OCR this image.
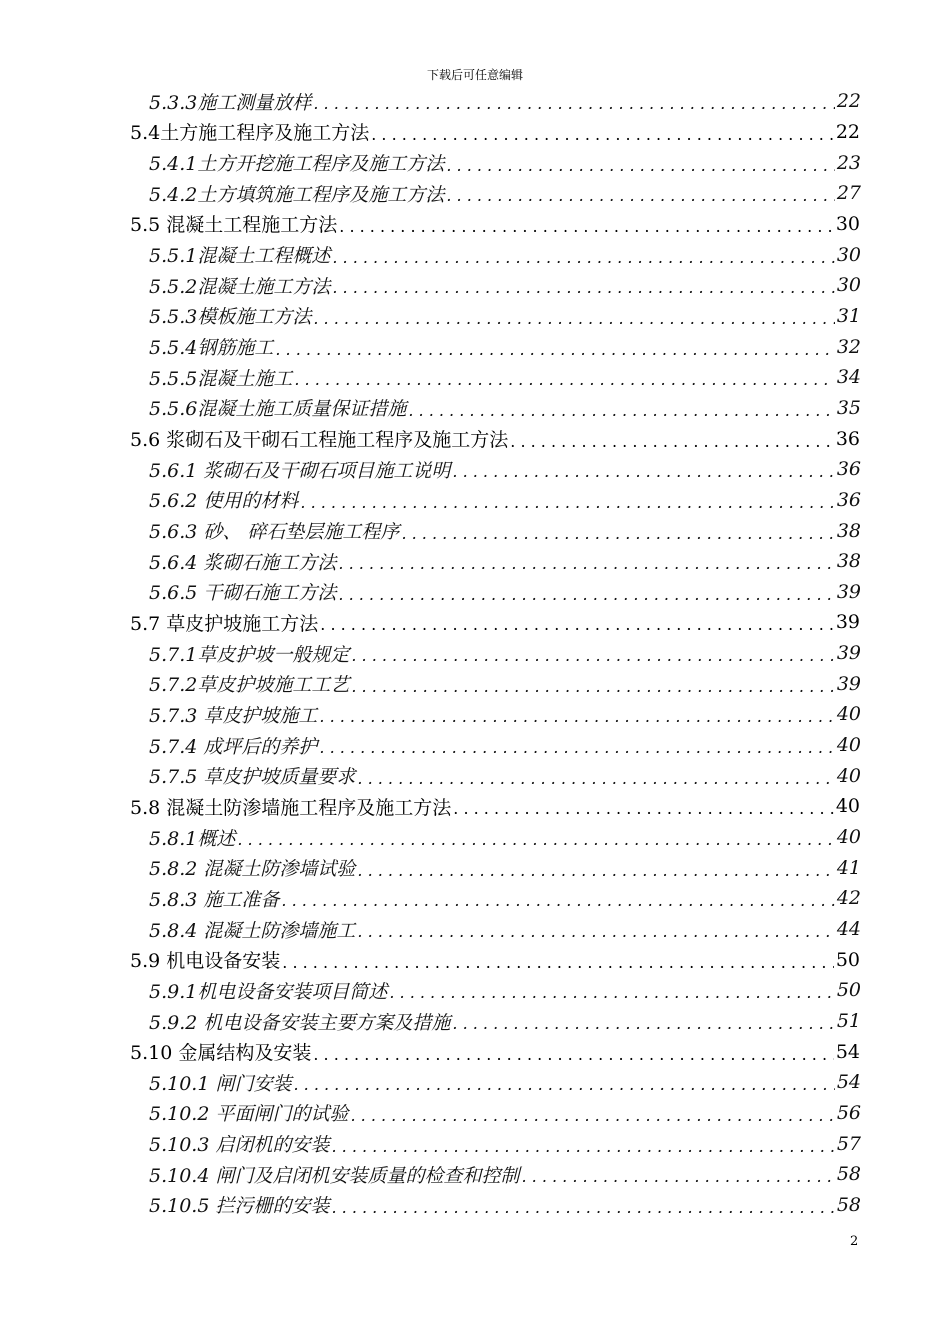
下载后可任意编辑
5.3.3施工测量放样 . . .	22
5.4土方施工程序及施工方法 . . .	22
5.4.1土方开挖施工程序及施工方法 . . .	23
5.4.2土方填筑施工程序及施工方法 . . .	27
5.5 混凝土工程施工方法 . . .	30
5.5.1混凝土工程概述 . . .	30
5.5.2混凝土施工方法 . . .	30
5.5.3模板施工方法 . . .	31
5.5.4钢筋施工 . . .	32
5.5.5混凝土施工 . . .	34
5.5.6混凝土施工质量保证措施 . . .	35
5.6 浆砌石及干砌石工程施工程序及施工方法 . . .	36
5.6.1 浆砌石及干砌石项目施工说明 . . .	36
5.6.2 使用的材料 . . .	36
5.6.3 砂、 碎石垫层施工程序 . . .	38
5.6.4 浆砌石施工方法 . . .	38
5.6.5 干砌石施工方法 . . .	39
5.7 草皮护坡施工方法 . . .	39
5.7.1草皮护坡一般规定 . . .	39
5.7.2草皮护坡施工工艺 . . .	39
5.7.3 草皮护坡施工 . . .	40
5.7.4 成坪后的养护 . . .	40
5.7.5 草皮护坡质量要求 . . .	40
5.8 混凝土防渗墙施工程序及施工方法 . . .	40
5.8.1概述 . . .	40
5.8.2 混凝土防渗墙试验 . . .	41
5.8.3 施工准备 . . .	42
5.8.4 混凝土防渗墙施工 . . .	44
5.9 机电设备安装 . . .	50
5.9.1机电设备安装项目简述 . . .	50
5.9.2 机电设备安装主要方案及措施 . . .	51
5.10 金属结构及安装 . . .	54
5.10.1 闸门安装 . . .	54
5.10.2 平面闸门的试验 . . .	56
5.10.3 启闭机的安装 . . .	57
5.10.4 闸门及启闭机安装质量的检查和控制 . . .	58
5.10.5 拦污栅的安装 . . .	58
2
